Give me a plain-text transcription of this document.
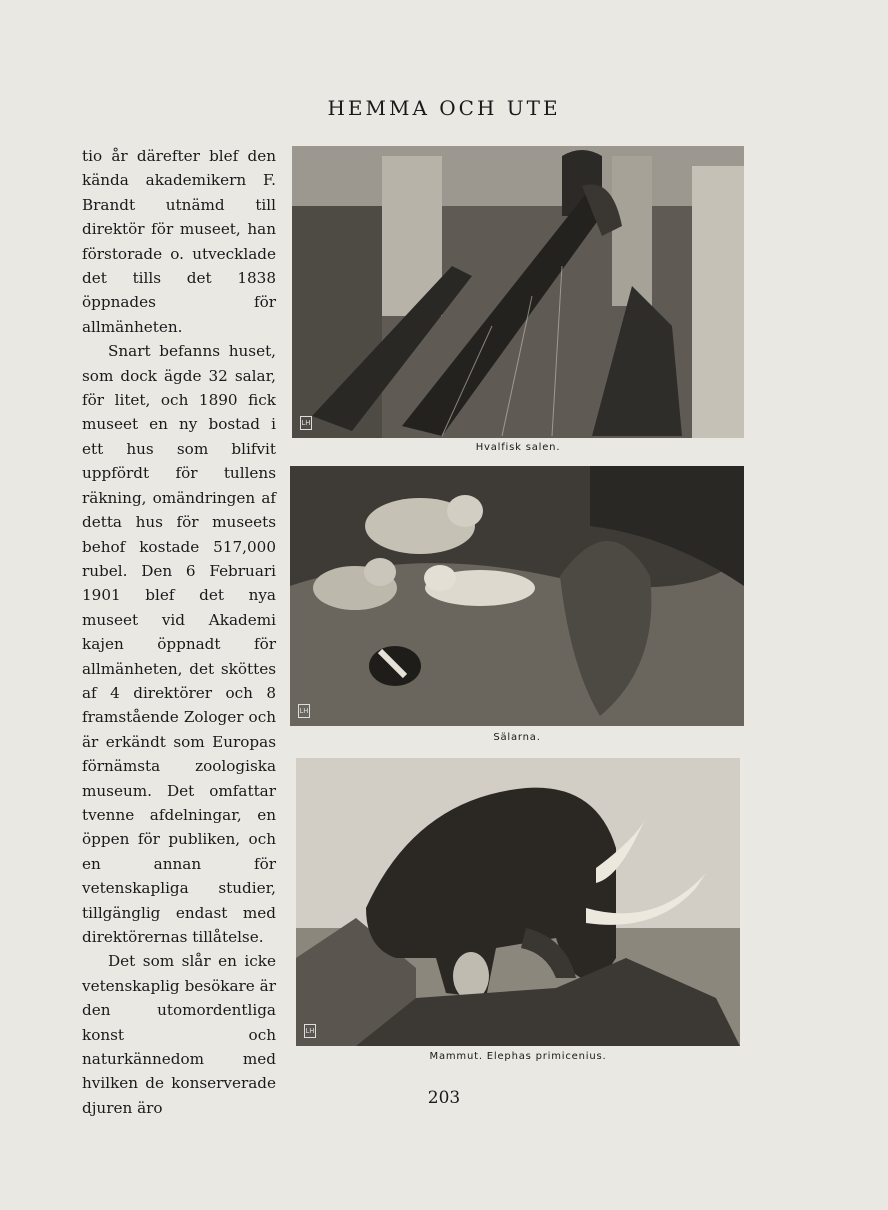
HEMMA OCH UTE

tio år därefter blef den kända akademikern F. Brandt utnämd till direktör för museet, han förstorade o. utvecklade det tills det 1838 öppnades för allmänheten.

Snart befanns huset, som dock ägde 32 salar, för litet, och 1890 fick museet en ny bostad i ett hus som blifvit uppfördt för tullens räkning, omändringen af detta hus för museets behof kostade 517,000 rubel. Den 6 Februari 1901 blef det nya museet vid Akademi kajen öppnadt för allmänheten, det sköttes af 4 direktörer och 8 framstående Zologer och är erkändt som Europas förnämsta zoologiska museum. Det omfattar tvenne afdelningar, en öppen för publiken, och en annan för vetenskapliga studier, tillgänglig endast med direktörernas tillåtelse.

Det som slår en icke vetenskaplig besökare är den utomordentliga konst och naturkännedom med hvilken de konserverade djuren äro

LH
Hvalfisk salen.
LH
Sälarna.
LH
Mammut. Elephas primicenius.
203
